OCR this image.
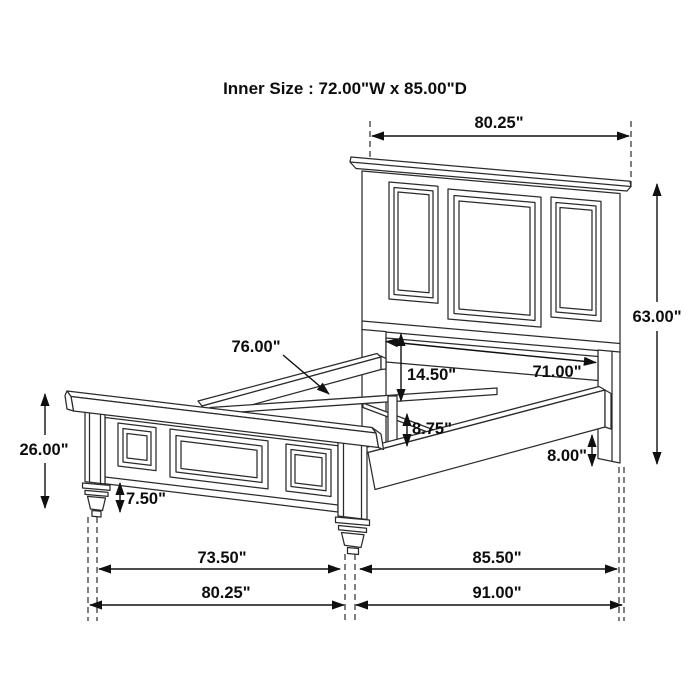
80.25"
63.00"
76.00"
14.50"	71.00"
8.75"
8.00"
26.00"
7.50"
73.50"	85.50"
80.25"	91.00"
Inner Size : 72.00"W x 85.00"D
